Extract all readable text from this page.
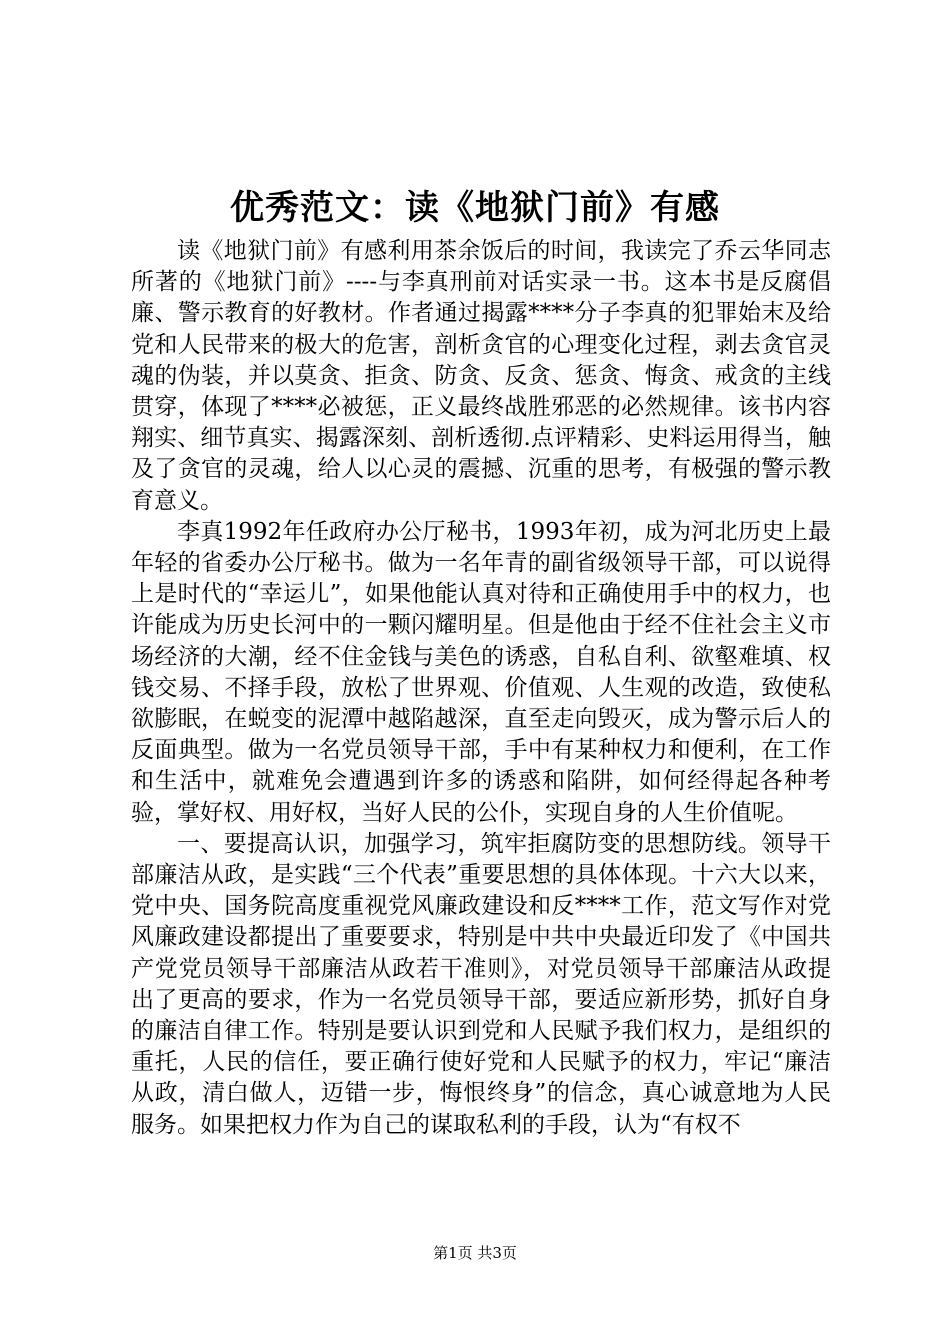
优秀范文：读《地狱门前》有感

读《地狱门前》有感利用茶余饭后的时间，我读完了乔云华同志所著的《地狱门前》----与李真刑前对话实录一书。这本书是反腐倡廉、警示教育的好教材。作者通过揭露****分子李真的犯罪始末及给党和人民带来的极大的危害，剖析贪官的心理变化过程，剥去贪官灵魂的伪装，并以莫贪、拒贪、防贪、反贪、惩贪、悔贪、戒贪的主线贯穿，体现了****必被惩，正义最终战胜邪恶的必然规律。该书内容翔实、细节真实、揭露深刻、剖析透彻.点评精彩、史料运用得当，触及了贪官的灵魂，给人以心灵的震撼、沉重的思考，有极强的警示教育意义。

李真1992年任政府办公厅秘书，1993年初，成为河北历史上最年轻的省委办公厅秘书。做为一名年青的副省级领导干部，可以说得上是时代的“幸运儿”，如果他能认真对待和正确使用手中的权力，也许能成为历史长河中的一颗闪耀明星。但是他由于经不住社会主义市场经济的大潮，经不住金钱与美色的诱惑，自私自利、欲壑难填、权钱交易、不择手段，放松了世界观、价值观、人生观的改造，致使私欲膨眠，在蜕变的泥潭中越陷越深，直至走向毁灭，成为警示后人的反面典型。做为一名党员领导干部，手中有某种权力和便利，在工作和生活中，就难免会遭遇到许多的诱惑和陷阱，如何经得起各种考验，掌好权、用好权，当好人民的公仆，实现自身的人生价值呢。

一、要提高认识，加强学习，筑牢拒腐防变的思想防线。领导干部廉洁从政，是实践“三个代表”重要思想的具体体现。十六大以来，党中央、国务院高度重视党风廉政建设和反****工作，范文写作对党风廉政建设都提出了重要要求，特别是中共中央最近印发了《中国共产党党员领导干部廉洁从政若干准则》，对党员领导干部廉洁从政提出了更高的要求，作为一名党员领导干部，要适应新形势，抓好自身的廉洁自律工作。特别是要认识到党和人民赋予我们权力，是组织的重托，人民的信任，要正确行使好党和人民赋予的权力，牢记“廉洁从政，清白做人，迈错一步，悔恨终身”的信念，真心诚意地为人民服务。如果把权力作为自己的谋取私利的手段，认为“有权不

第1页 共3页
